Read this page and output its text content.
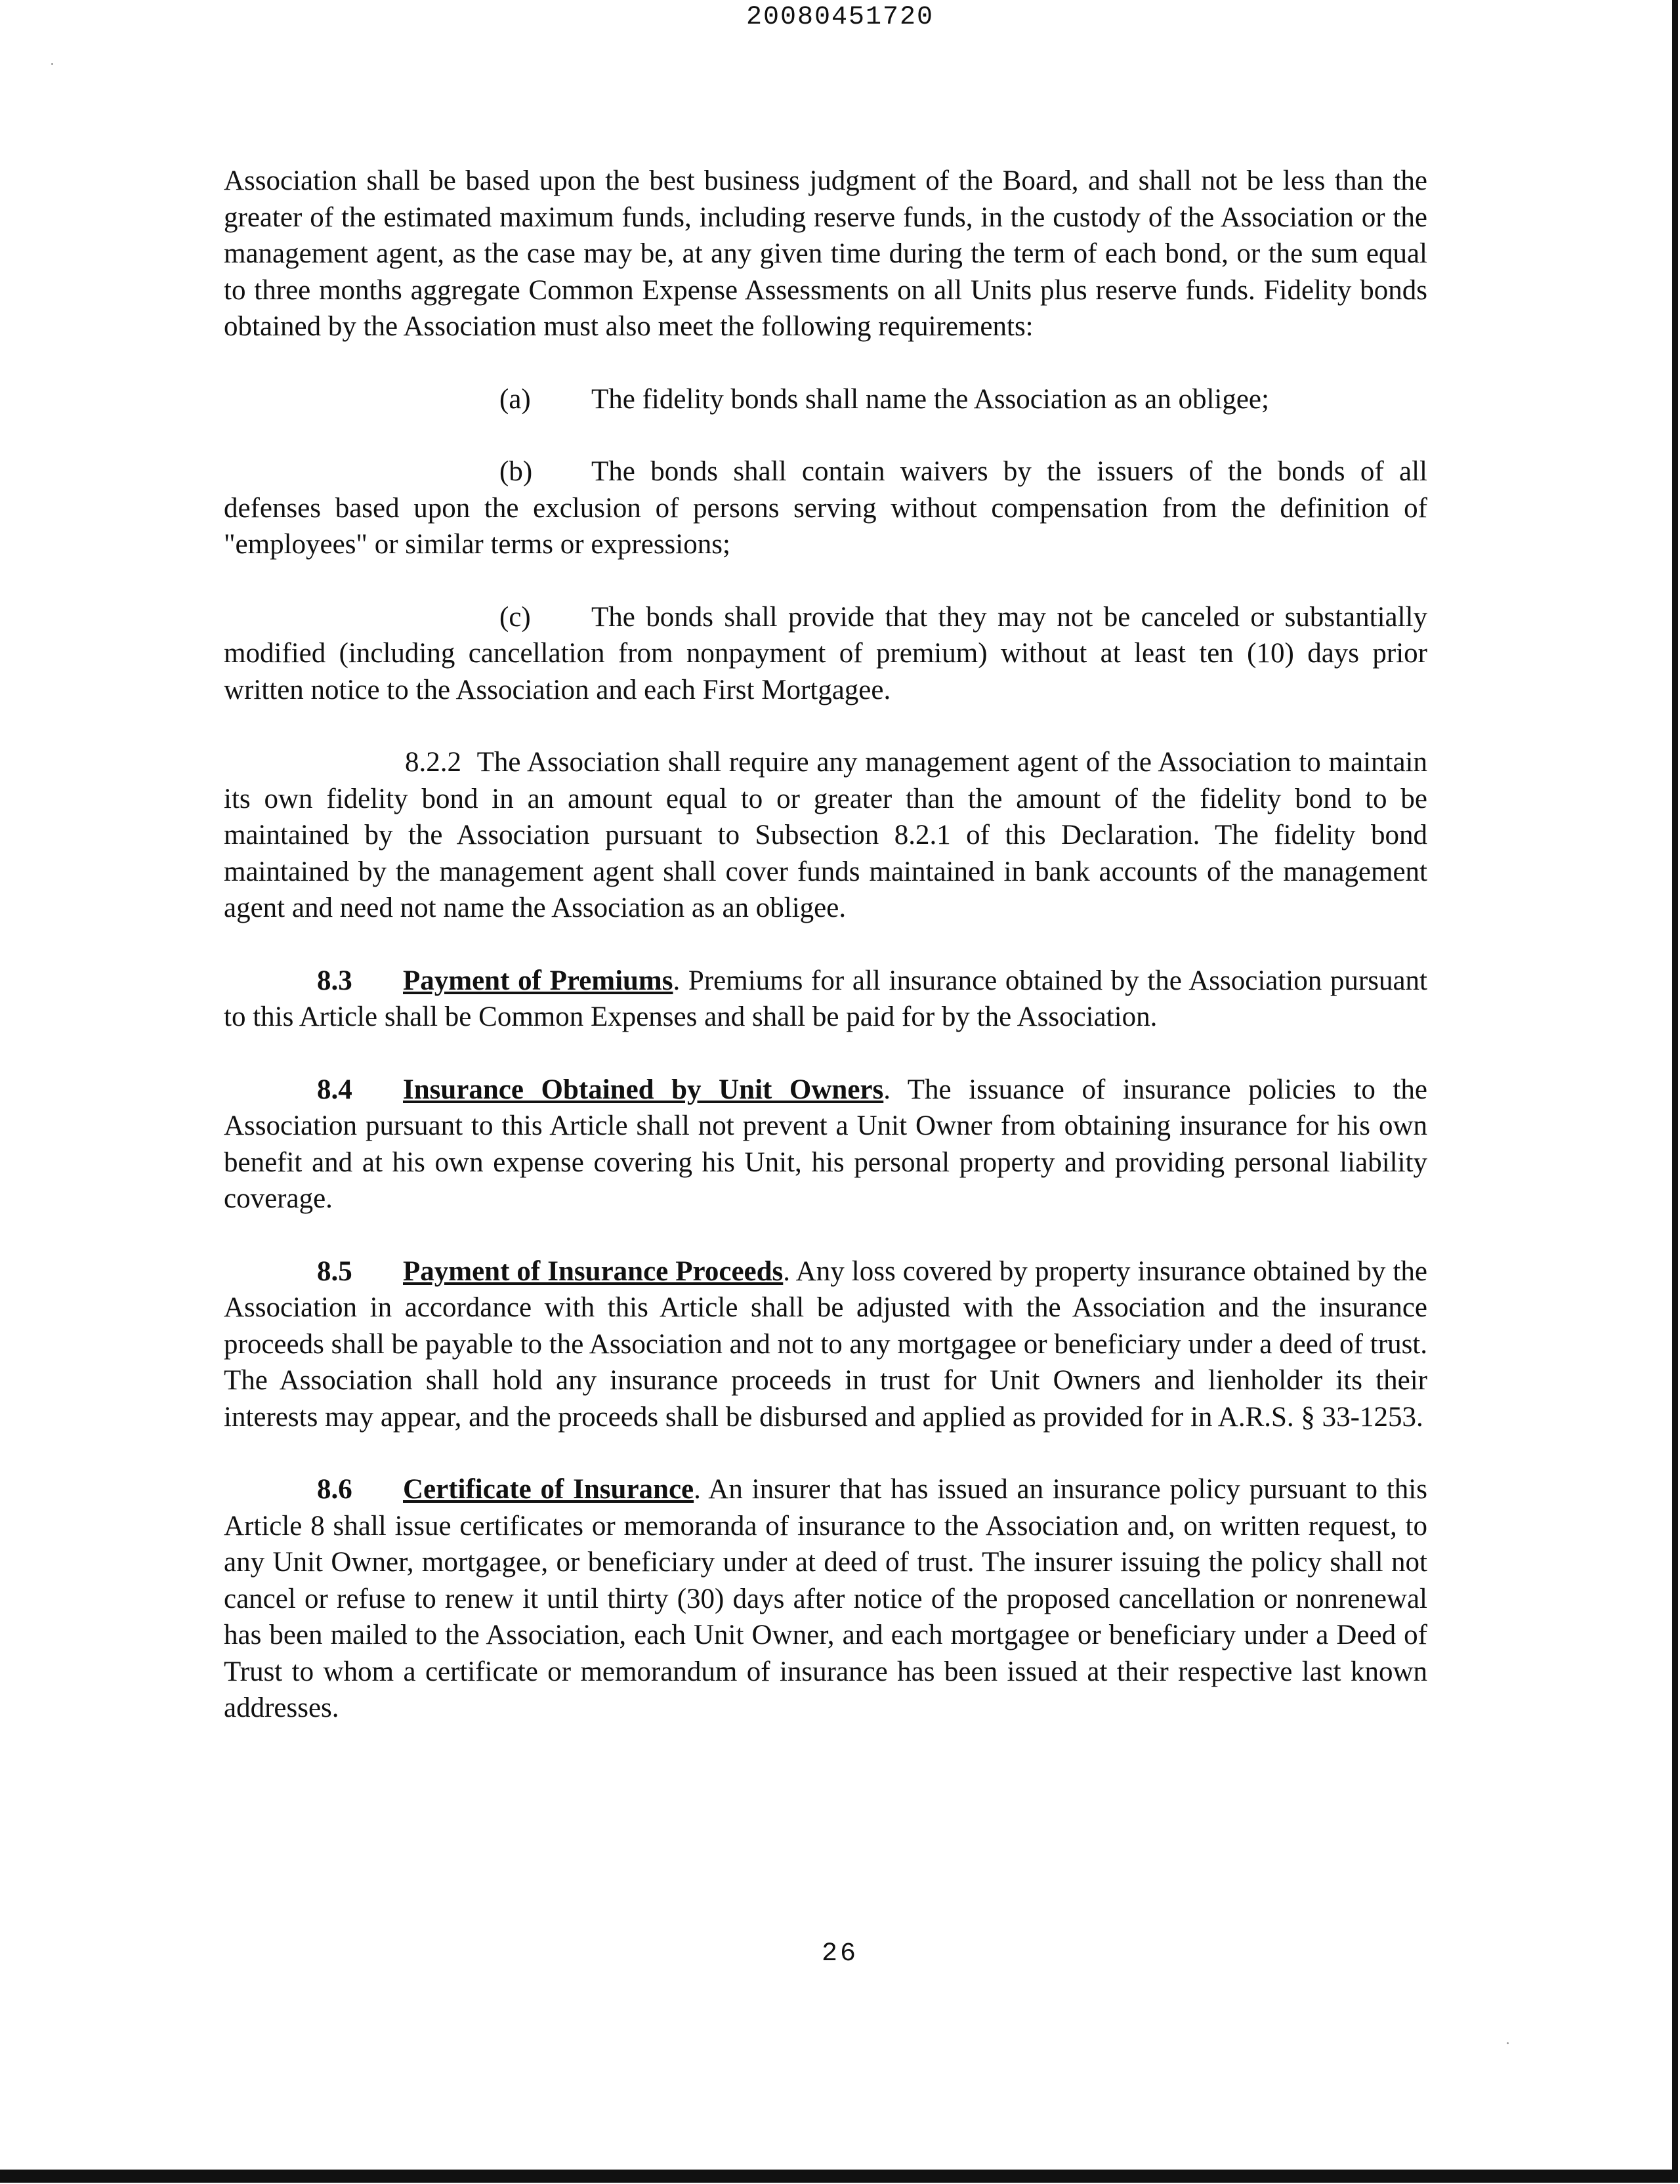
20080451720

Association shall be based upon the best business judgment of the Board, and shall not be less than the greater of the estimated maximum funds, including reserve funds, in the custody of the Association or the management agent, as the case may be, at any given time during the term of each bond, or the sum equal to three months aggregate Common Expense Assessments on all Units plus reserve funds. Fidelity bonds obtained by the Association must also meet the following requirements:

(a) The fidelity bonds shall name the Association as an obligee;

(b) The bonds shall contain waivers by the issuers of the bonds of all defenses based upon the exclusion of persons serving without compensation from the definition of "employees" or similar terms or expressions;

(c) The bonds shall provide that they may not be canceled or substantially modified (including cancellation from nonpayment of premium) without at least ten (10) days prior written notice to the Association and each First Mortgagee.

8.2.2 The Association shall require any management agent of the Association to maintain its own fidelity bond in an amount equal to or greater than the amount of the fidelity bond to be maintained by the Association pursuant to Subsection 8.2.1 of this Declaration. The fidelity bond maintained by the management agent shall cover funds maintained in bank accounts of the management agent and need not name the Association as an obligee.

8.3 Payment of Premiums. Premiums for all insurance obtained by the Association pursuant to this Article shall be Common Expenses and shall be paid for by the Association.

8.4 Insurance Obtained by Unit Owners. The issuance of insurance policies to the Association pursuant to this Article shall not prevent a Unit Owner from obtaining insurance for his own benefit and at his own expense covering his Unit, his personal property and providing personal liability coverage.

8.5 Payment of Insurance Proceeds. Any loss covered by property insurance obtained by the Association in accordance with this Article shall be adjusted with the Association and the insurance proceeds shall be payable to the Association and not to any mortgagee or beneficiary under a deed of trust. The Association shall hold any insurance proceeds in trust for Unit Owners and lienholder its their interests may appear, and the proceeds shall be disbursed and applied as provided for in A.R.S. § 33-1253.

8.6 Certificate of Insurance. An insurer that has issued an insurance policy pursuant to this Article 8 shall issue certificates or memoranda of insurance to the Association and, on written request, to any Unit Owner, mortgagee, or beneficiary under at deed of trust. The insurer issuing the policy shall not cancel or refuse to renew it until thirty (30) days after notice of the proposed cancellation or nonrenewal has been mailed to the Association, each Unit Owner, and each mortgagee or beneficiary under a Deed of Trust to whom a certificate or memorandum of insurance has been issued at their respective last known addresses.

26
